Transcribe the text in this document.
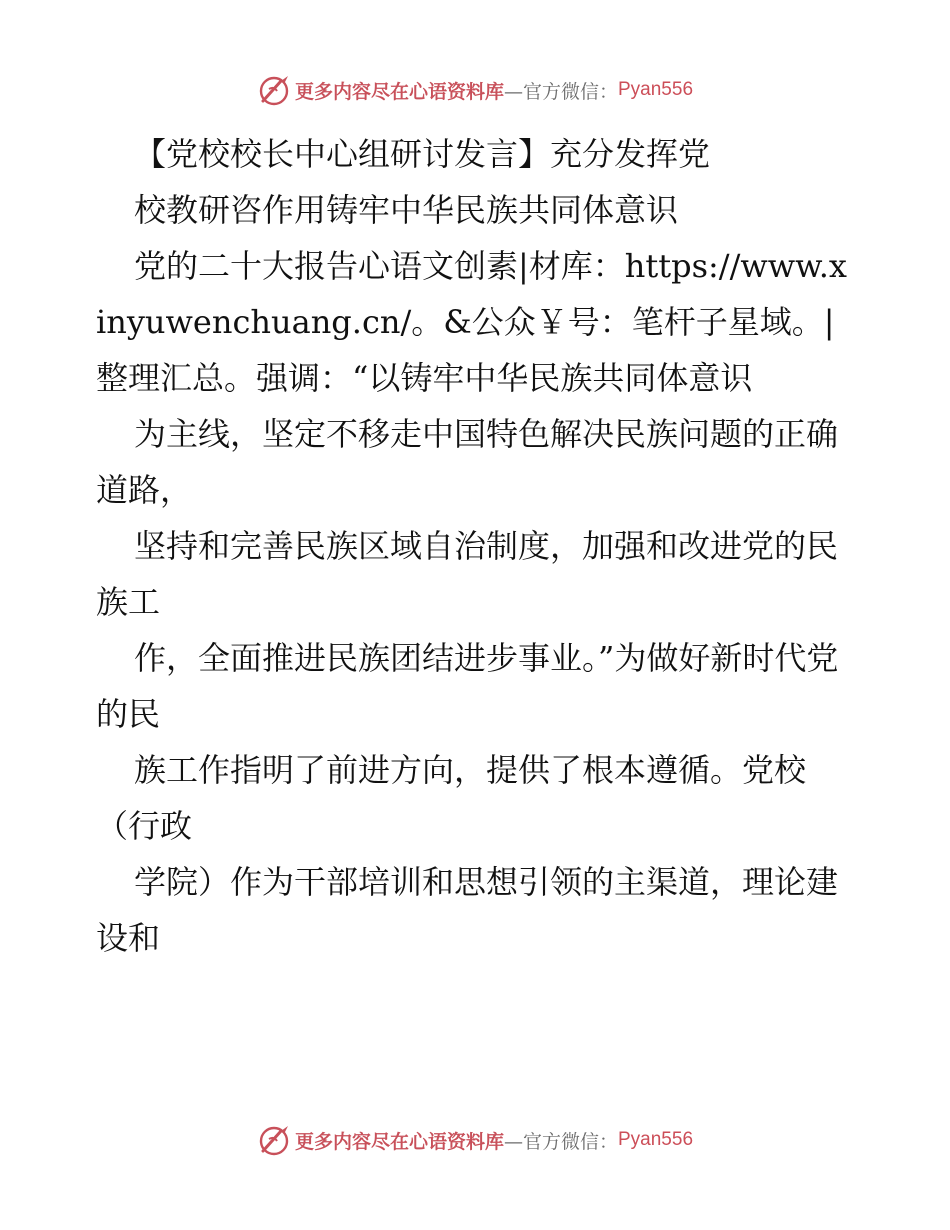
更多内容尽在心语资料库 —官方微信： Pyan556

【党校校长中心组研讨发言】充分发挥党

校教研咨作用铸牢中华民族共同体意识

党的二十大报告心语文创素|材库：https://www.xinyuwenchuang.cn/。&公众￥号：笔杆子星域。|整理汇总。强调：“以铸牢中华民族共同体意识

为主线，坚定不移走中国特色解决民族问题的正确道路，

坚持和完善民族区域自治制度，加强和改进党的民族工

作，全面推进民族团结进步事业。”为做好新时代党的民

族工作指明了前进方向，提供了根本遵循。党校（行政

学院）作为干部培训和思想引领的主渠道，理论建设和

更多内容尽在心语资料库 —官方微信： Pyan556
